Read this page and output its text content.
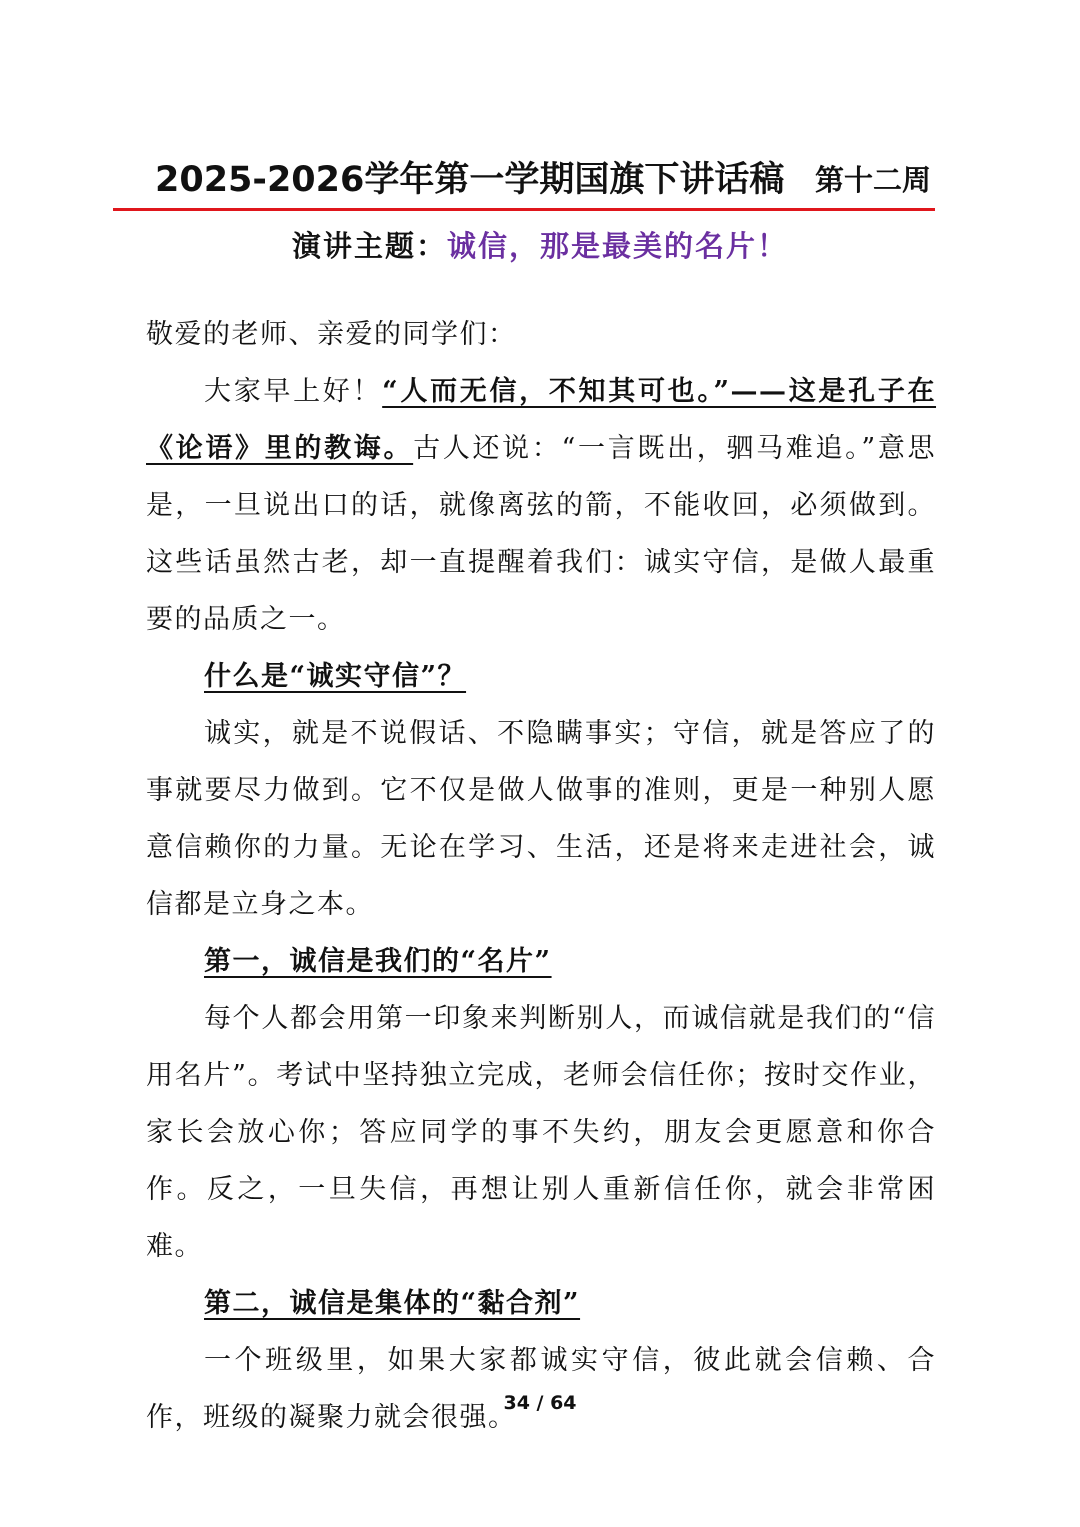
2025-2026学年第一学期国旗下讲话稿 第十二周
演讲主题：诚信，那是最美的名片！

敬爱的老师、亲爱的同学们：

大家早上好！“人而无信，不知其可也。”——这是孔子在《论语》里的教诲。古人还说：“一言既出，驷马难追。”意思是，一旦说出口的话，就像离弦的箭，不能收回，必须做到。这些话虽然古老，却一直提醒着我们：诚实守信，是做人最重要的品质之一。

什么是“诚实守信”？

诚实，就是不说假话、不隐瞒事实；守信，就是答应了的事就要尽力做到。它不仅是做人做事的准则，更是一种别人愿意信赖你的力量。无论在学习、生活，还是将来走进社会，诚信都是立身之本。

第一，诚信是我们的“名片”

每个人都会用第一印象来判断别人，而诚信就是我们的“信用名片”。考试中坚持独立完成，老师会信任你；按时交作业，家长会放心你；答应同学的事不失约，朋友会更愿意和你合作。反之，一旦失信，再想让别人重新信任你，就会非常困难。

第二，诚信是集体的“黏合剂”

一个班级里，如果大家都诚实守信，彼此就会信赖、合作，班级的凝聚力就会很强。

34 / 64
